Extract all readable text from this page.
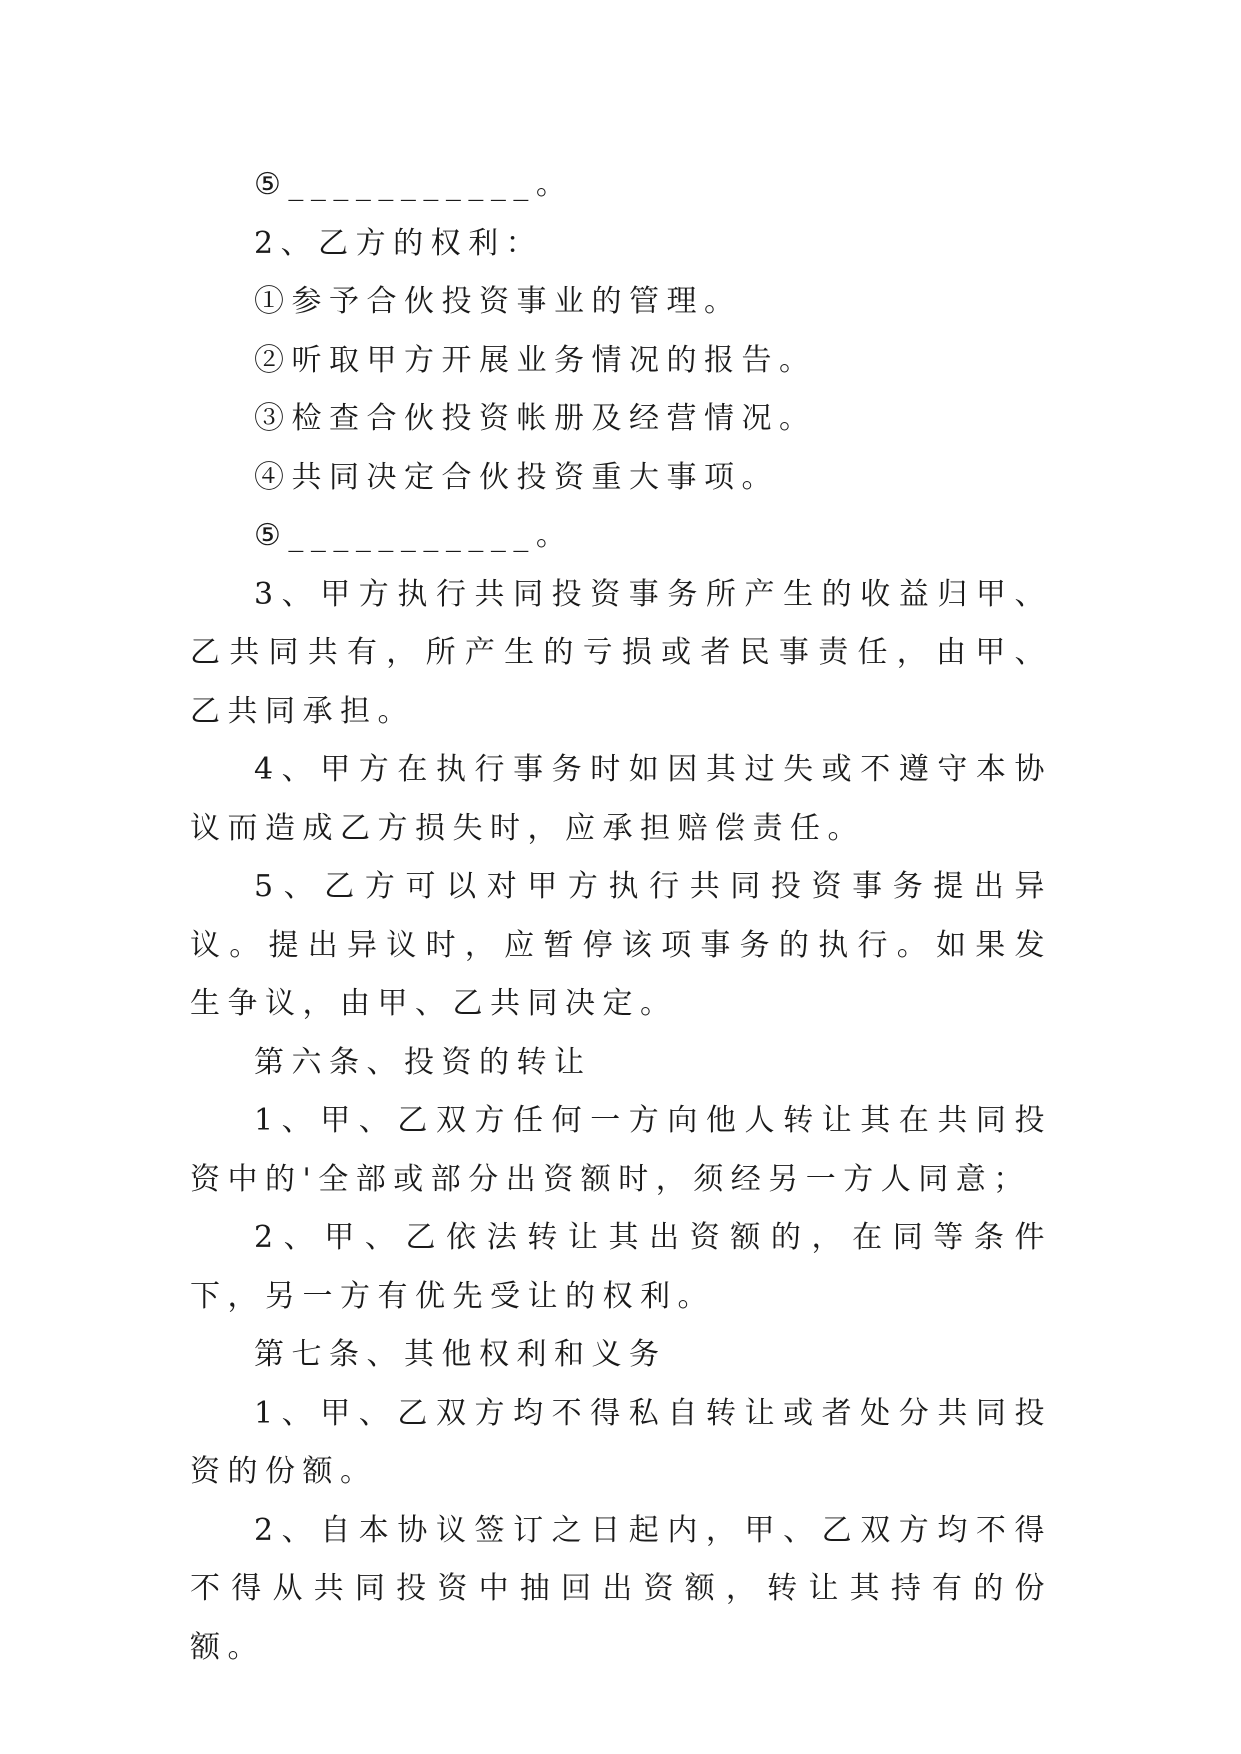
⑤___________。

2、乙方的权利：

①参予合伙投资事业的管理。

②听取甲方开展业务情况的报告。

③检查合伙投资帐册及经营情况。

④共同决定合伙投资重大事项。

⑤___________。

3、甲方执行共同投资事务所产生的收益归甲、乙共同共有，所产生的亏损或者民事责任，由甲、乙共同承担。

4、甲方在执行事务时如因其过失或不遵守本协议而造成乙方损失时，应承担赔偿责任。

5、乙方可以对甲方执行共同投资事务提出异议。提出异议时，应暂停该项事务的执行。如果发生争议，由甲、乙共同决定。

第六条、投资的转让

1、甲、乙双方任何一方向他人转让其在共同投资中的'全部或部分出资额时，须经另一方人同意；

2、甲、乙依法转让其出资额的，在同等条件下，另一方有优先受让的权利。

第七条、其他权利和义务

1、甲、乙双方均不得私自转让或者处分共同投资的份额。

2、自本协议签订之日起内，甲、乙双方均不得不得从共同投资中抽回出资额，转让其持有的份额。
